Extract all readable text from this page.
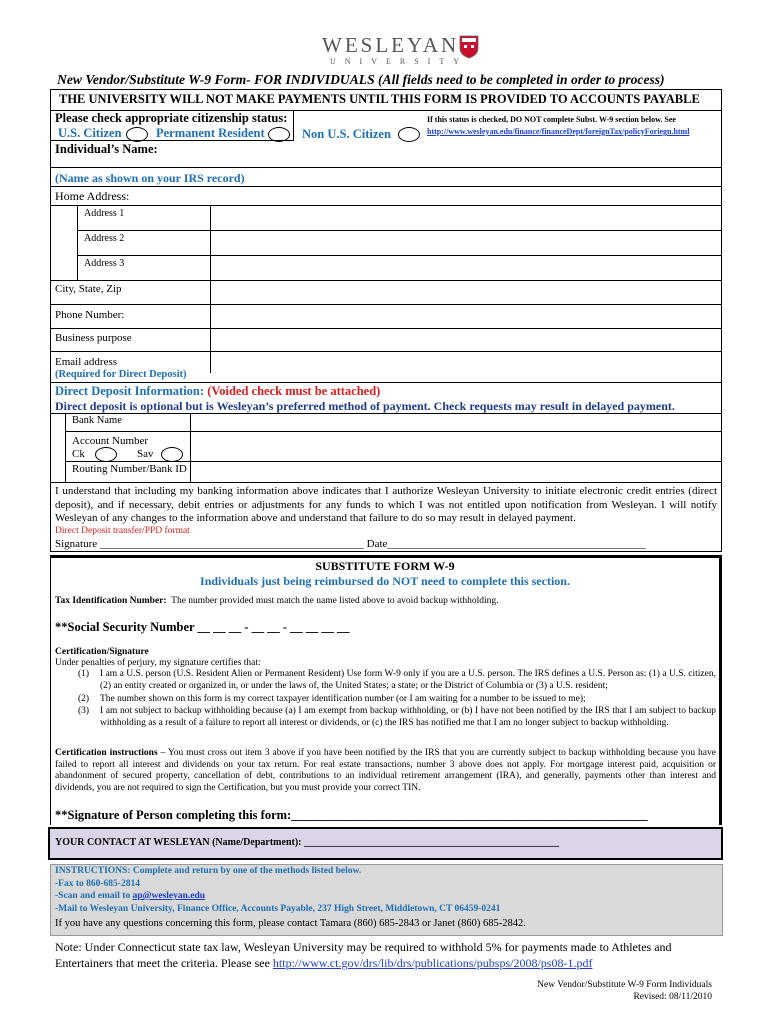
WESLEYAN
UNIVERSITY
New Vendor/Substitute W-9 Form- FOR INDIVIDUALS (All fields need to be completed in order to process)
THE UNIVERSITY WILL NOT MAKE PAYMENTS UNTIL THIS FORM IS PROVIDED TO ACCOUNTS PAYABLE
Please check appropriate citizenship status:
U.S. Citizen	Permanent Resident	Non U.S. Citizen
If this status is checked, DO NOT complete Subst. W-9 section below. See
http://www.wesleyan.edu/finance/financeDept/foreignTax/policyForiegn.html
Individual’s Name:
(Name as shown on your IRS record)
Home Address:
Address 1
Address 2
Address 3
City, State, Zip
Phone Number:
Business purpose
Email address
(Required for Direct Deposit)
Direct Deposit Information: (Voided check must be attached)
Direct deposit is optional but is Wesleyan’s preferred method of payment. Check requests may result in delayed payment.
Bank Name
Account Number
Ck	Sav
Routing Number/Bank ID
I understand that including my banking information above indicates that I authorize Wesleyan University to initiate electronic credit entries (direct deposit), and if necessary, debit entries or adjustments for any funds to which I was not entitled upon notification from Wesleyan. I will notify Wesleyan of any changes to the information above and understand that failure to do so may result in delayed payment.
Direct Deposit transfer/PPD format
Signature ________________________________________________ Date_______________________________________________
SUBSTITUTE FORM W-9
Individuals just being reimbursed do NOT need to complete this section.
Tax Identification Number: The number provided must match the name listed above to avoid backup withholding.
**Social Security Number __ __ __ - __ __ - __ __ __ __
Certification/Signature
Under penalties of perjury, my signature certifies that:
(1) I am a U.S. person (U.S. Resident Alien or Permanent Resident) Use form W-9 only if you are a U.S. person. The IRS defines a U.S. Person as: (1) a U.S. citizen, (2) an entity created or organized in, or under the laws of, the United States; a state; or the District of Columbia or (3) a U.S. resident;
(2) The number shown on this form is my correct taxpayer identification number (or I am waiting for a number to be issued to me);
(3) I am not subject to backup withholding because (a) I am exempt from backup withholding, or (b) I have not been notified by the IRS that I am subject to backup withholding as a result of a failure to report all interest or dividends, or (c) the IRS has notified me that I am no longer subject to backup withholding.
Certification instructions – You must cross out item 3 above if you have been notified by the IRS that you are currently subject to backup withholding because you have failed to report all interest and dividends on your tax return. For real estate transactions, number 3 above does not apply. For mortgage interest paid, acquisition or abandonment of secured property, cancellation of debt, contributions to an individual retirement arrangement (IRA), and generally, payments other than interest and dividends, you are not required to sign the Certification, but you must provide your correct TIN.
**Signature of Person completing this form:_________________________________________________________
YOUR CONTACT AT WESLEYAN (Name/Department): ___________________________________________________
INSTRUCTIONS: Complete and return by one of the methods listed below.
-Fax to 860-685-2814
-Scan and email to ap@wesleyan.edu
-Mail to Wesleyan University, Finance Office, Accounts Payable, 237 High Street, Middletown, CT 06459-0241
If you have any questions concerning this form, please contact Tamara (860) 685-2843 or Janet (860) 685-2842.
Note: Under Connecticut state tax law, Wesleyan University may be required to withhold 5% for payments made to Athletes and Entertainers that meet the criteria. Please see http://www.ct.gov/drs/lib/drs/publications/pubsps/2008/ps08-1.pdf
New Vendor/Substitute W-9 Form Individuals
Revised: 08/11/2010
